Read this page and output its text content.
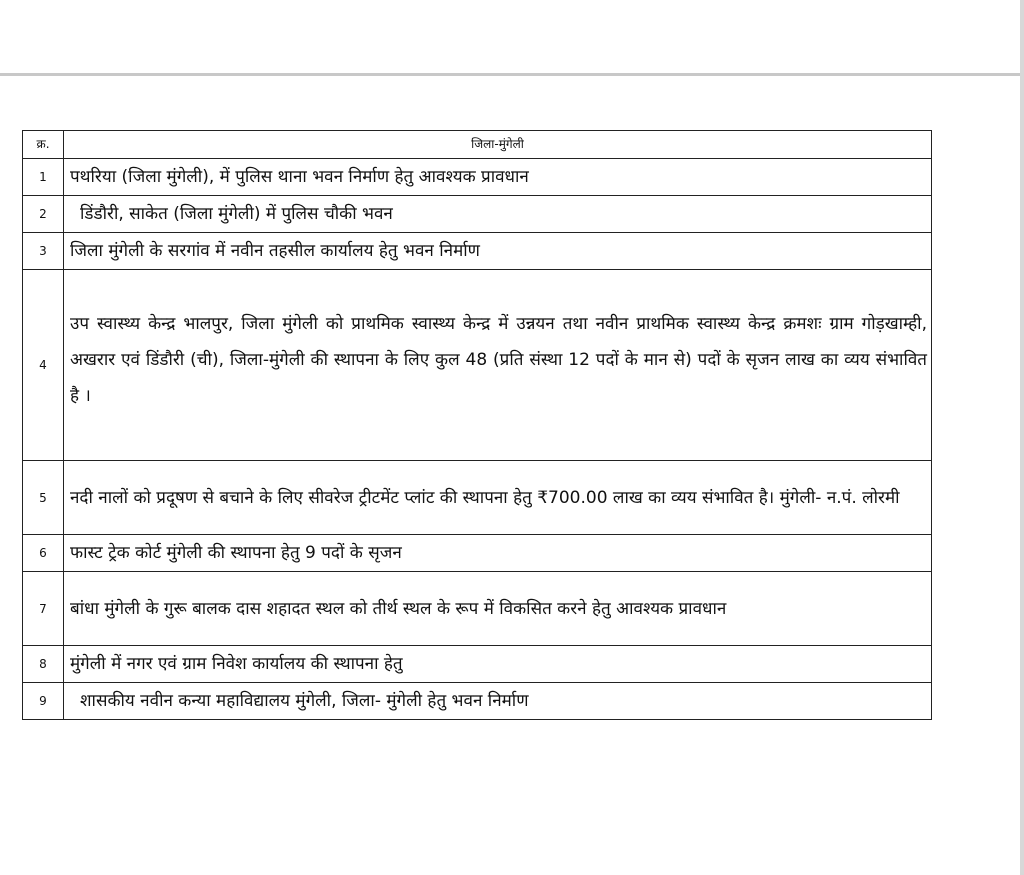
क्र.	जिला-मुंगेली
1	पथरिया (जिला मुंगेली), में पुलिस थाना भवन निर्माण हेतु आवश्यक प्रावधान
2	डिंडौरी, साकेत (जिला मुंगेली) में पुलिस चौकी भवन
3	जिला मुंगेली के सरगांव में नवीन तहसील कार्यालय हेतु भवन निर्माण
4	उप स्वास्थ्य केन्द्र भालपुर, जिला मुंगेली को प्राथमिक स्वास्थ्य केन्द्र में उन्नयन तथा नवीन प्राथमिक स्वास्थ्य केन्द्र क्रमशः ग्राम गोड़खाम्ही, अखरार एवं डिंडौरी (ची), जिला-मुंगेली की स्थापना के लिए कुल 48 (प्रति संस्था 12 पदों के मान से) पदों के सृजन लाख का व्यय संभावित है ।
5	नदी नालों को प्रदूषण से बचाने के लिए सीवरेज ट्रीटमेंट प्लांट की स्थापना हेतु ₹700.00 लाख का व्यय संभावित है। मुंगेली- न.पं. लोरमी
6	फास्ट ट्रेक कोर्ट मुंगेली की स्थापना हेतु 9 पदों के सृजन
7	बांधा मुंगेली के गुरू बालक दास शहादत स्थल को तीर्थ स्थल के रूप में विकसित करने हेतु आवश्यक प्रावधान
8	मुंगेली में नगर एवं ग्राम निवेश कार्यालय की स्थापना हेतु
9	शासकीय नवीन कन्या महाविद्यालय मुंगेली, जिला- मुंगेली हेतु भवन निर्माण
